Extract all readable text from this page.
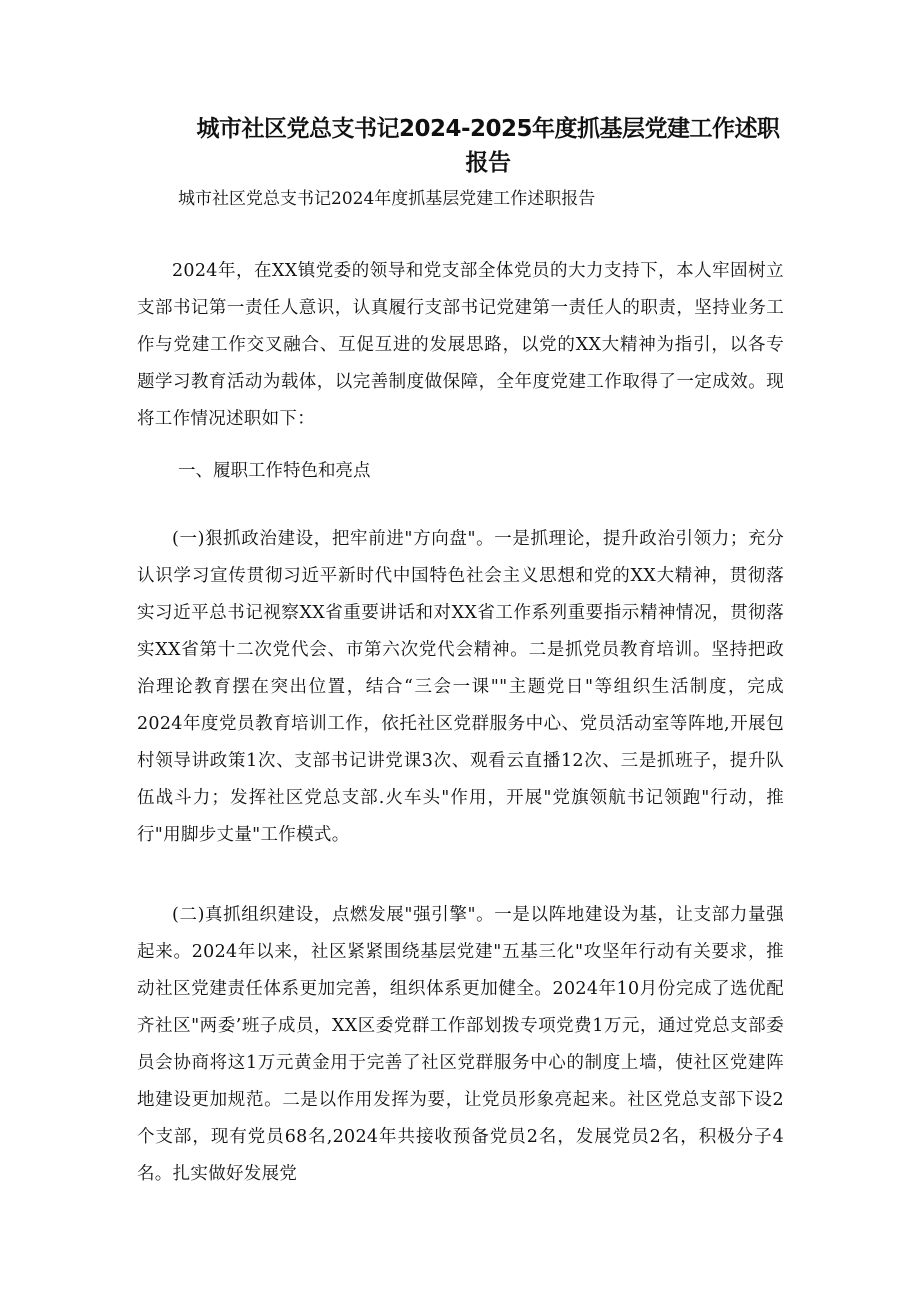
城市社区党总支书记2024-2025年度抓基层党建工作述职报告

城市社区党总支书记2024年度抓基层党建工作述职报告

2024年，在XX镇党委的领导和党支部全体党员的大力支持下，本人牢固树立支部书记第一责任人意识，认真履行支部书记党建第一责任人的职责，坚持业务工作与党建工作交叉融合、互促互进的发展思路，以党的XX大精神为指引，以各专题学习教育活动为载体，以完善制度做保障，全年度党建工作取得了一定成效。现将工作情况述职如下：

一、履职工作特色和亮点

(一)狠抓政治建设，把牢前进"方向盘"。一是抓理论，提升政治引领力；充分认识学习宣传贯彻习近平新时代中国特色社会主义思想和党的XX大精神，贯彻落实习近平总书记视察XX省重要讲话和对XX省工作系列重要指示精神情况，贯彻落实XX省第十二次党代会、市第六次党代会精神。二是抓党员教育培训。坚持把政治理论教育摆在突出位置，结合“三会一课""主题党日"等组织生活制度，完成2024年度党员教育培训工作，依托社区党群服务中心、党员活动室等阵地,开展包村领导讲政策1次、支部书记讲党课3次、观看云直播12次、三是抓班子，提升队伍战斗力；发挥社区党总支部.火车头"作用，开展"党旗领航书记领跑"行动，推行"用脚步丈量"工作模式。

(二)真抓组织建设，点燃发展"强引擎"。一是以阵地建设为基，让支部力量强起来。2024年以来，社区紧紧围绕基层党建"五基三化"攻坚年行动有关要求，推动社区党建责任体系更加完善，组织体系更加健全。2024年10月份完成了选优配齐社区"两委’班子成员，XX区委党群工作部划拨专项党费1万元，通过党总支部委员会协商将这1万元黄金用于完善了社区党群服务中心的制度上墙，使社区党建阵地建设更加规范。二是以作用发挥为要，让党员形象亮起来。社区党总支部下设2个支部，现有党员68名,2024年共接收预备党员2名，发展党员2名，积极分子4名。扎实做好发展党
